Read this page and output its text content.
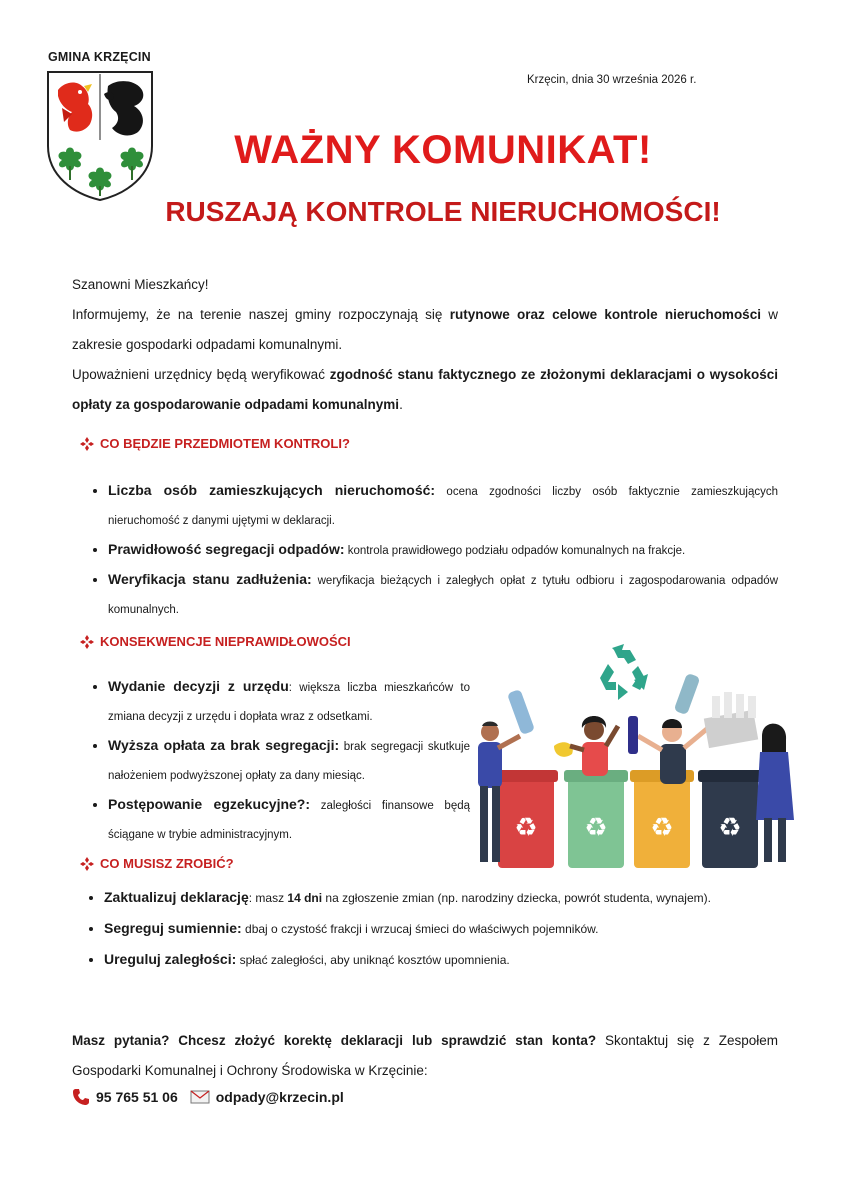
GMINA KRZĘCIN
Krzęcin, dnia 30 września 2026 r.
WAŻNY KOMUNIKAT!
RUSZAJĄ KONTROLE NIERUCHOMOŚCI!
Szanowni Mieszkańcy!
Informujemy, że na terenie naszej gminy rozpoczynają się rutynowe oraz celowe kontrole nieruchomości w zakresie gospodarki odpadami komunalnymi.
Upoważnieni urzędnicy będą weryfikować zgodność stanu faktycznego ze złożonymi deklaracjami o wysokości opłaty za gospodarowanie odpadami komunalnymi.
CO BĘDZIE PRZEDMIOTEM KONTROLI?
• Liczba osób zamieszkujących nieruchomość: ocena zgodności liczby osób faktycznie zamieszkujących nieruchomość z danymi ujętymi w deklaracji.
• Prawidłowość segregacji odpadów: kontrola prawidłowego podziału odpadów komunalnych na frakcje.
• Weryfikacja stanu zadłużenia: weryfikacja bieżących i zaległych opłat z tytułu odbioru i zagospodarowania odpadów komunalnych.
KONSEKWENCJE NIEPRAWIDŁOWOŚCI
• Wydanie decyzji z urzędu: większa liczba mieszkańców to zmiana decyzji z urzędu i dopłata wraz z odsetkami.
• Wyższa opłata za brak segregacji: brak segregacji skutkuje nałożeniem podwyższonej opłaty za dany miesiąc.
• Postępowanie egzekucyjne?: zaległości finansowe będą ściągane w trybie administracyjnym.	♻ ♻ ♻ ♻
CO MUSISZ ZROBIĆ?
• Zaktualizuj deklarację: masz 14 dni na zgłoszenie zmian (np. narodziny dziecka, powrót studenta, wynajem).
• Segreguj sumiennie: dbaj o czystość frakcji i wrzucaj śmieci do właściwych pojemników.
• Ureguluj zaległości: spłać zaległości, aby uniknąć kosztów upomnienia.
Masz pytania? Chcesz złożyć korektę deklaracji lub sprawdzić stan konta? Skontaktuj się z Zespołem Gospodarki Komunalnej i Ochrony Środowiska w Krzęcinie:
95 765 51 06	odpady@krzecin.pl
